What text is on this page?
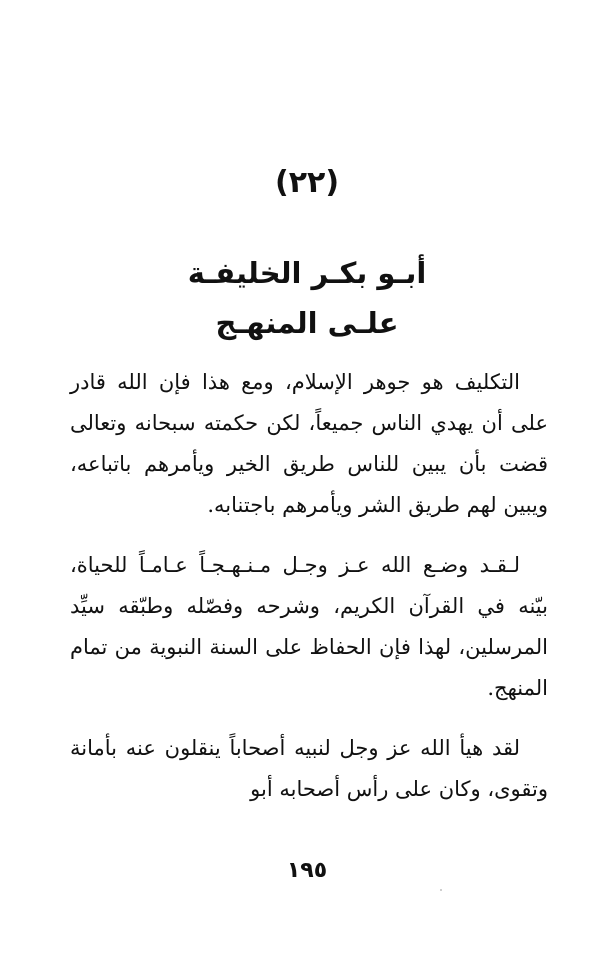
(٢٢)
أبـو بكـر الخليفـة
علـى المنهـج

التكليف هو جوهر الإسلام، ومع هذا فإن الله قادر على أن يهدي الناس جميعاً، لكن حكمته سبحانه وتعالى قضت بأن يبين للناس طريق الخير ويأمرهم باتباعه، ويبين لهم طريق الشر ويأمرهم باجتنابه.

لـقـد وضـع الله عـز وجـل مـنـهـجـاً عـامـاً للحياة، بيّنه في القرآن الكريم، وشرحه وفصّله وطبّقه سيِّد المرسلين، لهذا فإن الحفاظ على السنة النبوية من تمام المنهج.

لقد هيأ الله عز وجل لنبيه أصحاباً ينقلون عنه بأمانة وتقوى، وكان على رأس أصحابه أبو

١٩٥
